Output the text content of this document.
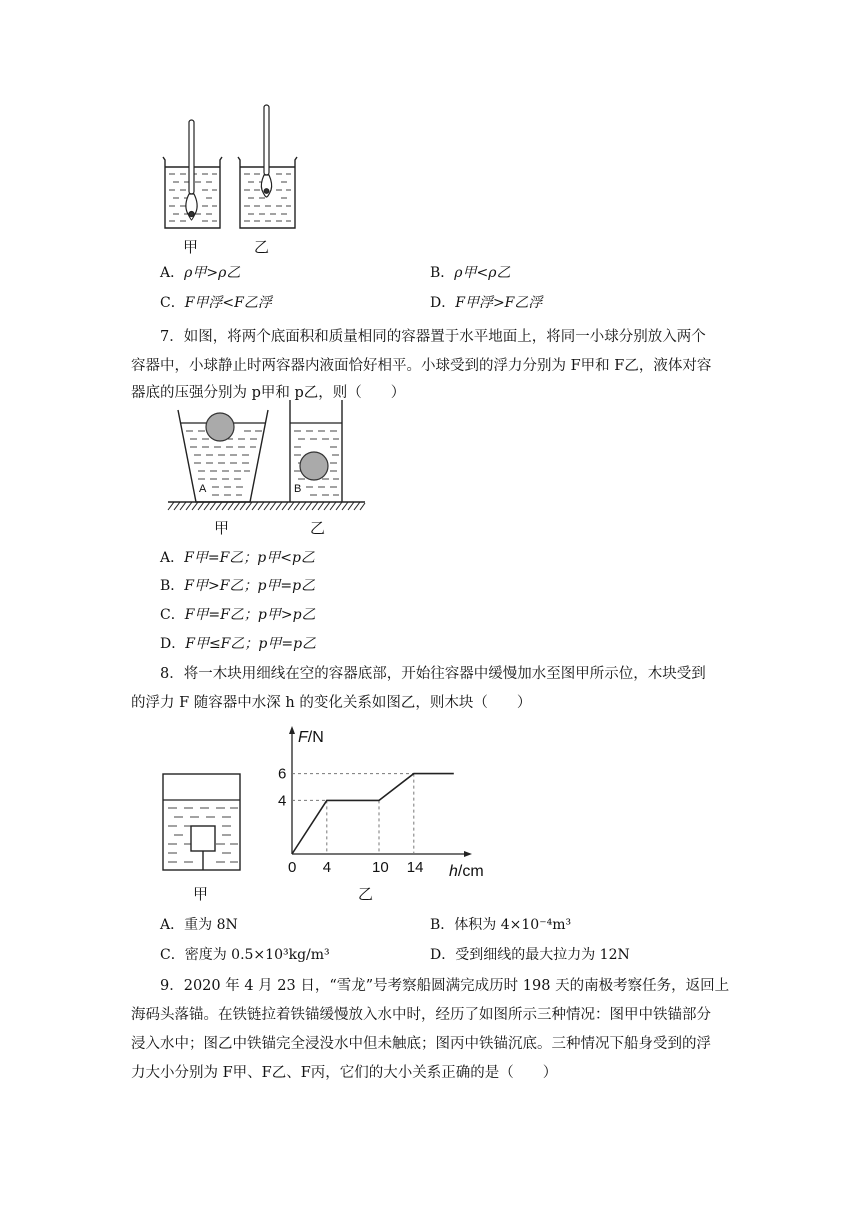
甲	乙
A．ρ甲>ρ乙	B．ρ甲<ρ乙
C．F甲浮<F乙浮	D．F甲浮>F乙浮
7．如图，将两个底面积和质量相同的容器置于水平地面上，将同一小球分别放入两个
容器中，小球静止时两容器内液面恰好相平。小球受到的浮力分别为 F甲和 F乙，液体对容
器底的压强分别为 p甲和 p乙，则（　　）
A	B
甲	乙
A．F甲=F乙；p甲<p乙
B．F甲>F乙；p甲=p乙
C．F甲=F乙；p甲>p乙
D．F甲≤F乙；p甲=p乙
8．将一木块用细线在空的容器底部，开始往容器中缓慢加水至图甲所示位，木块受到
的浮力 F 随容器中水深 h 的变化关系如图乙，则木块（　　）
甲
0 4	10 14
4
6
F/N
h/cm
乙
A．重为 8N	B．体积为 4×10⁻⁴m³
C．密度为 0.5×10³kg/m³	D．受到细线的最大拉力为 12N
9．2020 年 4 月 23 日，“雪龙”号考察船圆满完成历时 198 天的南极考察任务，返回上
海码头落锚。在铁链拉着铁锚缓慢放入水中时，经历了如图所示三种情况：图甲中铁锚部分
浸入水中；图乙中铁锚完全浸没水中但未触底；图丙中铁锚沉底。三种情况下船身受到的浮
力大小分别为 F甲、F乙、F丙，它们的大小关系正确的是（　　）
